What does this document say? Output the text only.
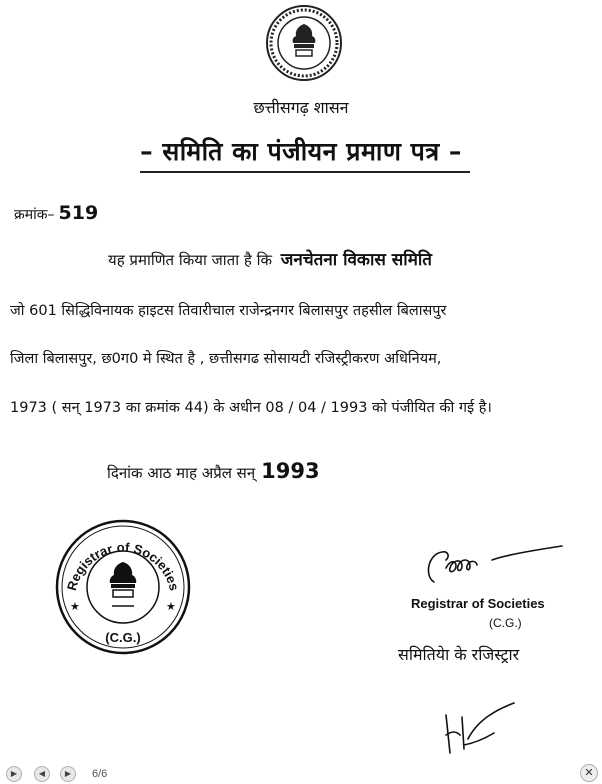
छत्तीसगढ़ शासन
– समिति का पंजीयन प्रमाण पत्र –
क्रमांक– 519
यह प्रमाणित किया जाता है कि जनचेतना विकास समिति
जो 601 सिद्धिविनायक हाइटस तिवारीचाल राजेन्द्रनगर बिलासपुर तहसील बिलासपुर
जिला बिलासपुर, छ0ग0 मे स्थित है , छत्तीसगढ सोसायटी रजिस्ट्रीकरण अधिनियम,
1973 ( सन् 1973 का क्रमांक 44) के अधीन 08 / 04 / 1993 को पंजीयित की गई है।
दिनांक आठ माह अप्रैल सन् 1993
Registrar of Societies
(C.G.)
★	★	Registrar of Societies
(C.G.)
समितियेा के रजिस्ट्रार
▶	◀	▶	6/6	✕
